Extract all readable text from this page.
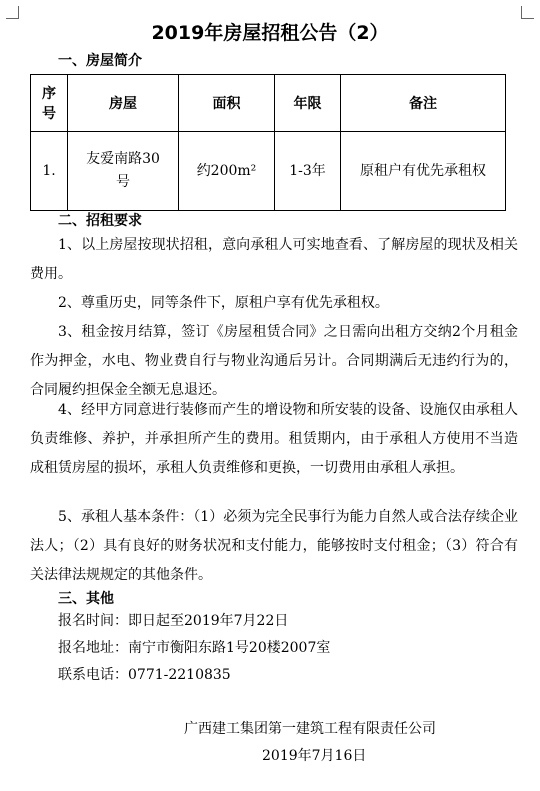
2019年房屋招租公告（2）
一、房屋简介
序号	房屋	面积	年限	备注
1.	友爱南路30号	约200m²	1-3年	原租户有优先承租权
二、招租要求

1、以上房屋按现状招租，意向承租人可实地查看、了解房屋的现状及相关费用。

2、尊重历史，同等条件下，原租户享有优先承租权。

3、租金按月结算，签订《房屋租赁合同》之日需向出租方交纳2个月租金作为押金，水电、物业费自行与物业沟通后另计。合同期满后无违约行为的，合同履约担保金全额无息退还。

4、经甲方同意进行装修而产生的增设物和所安装的设备、设施仅由承租人负责维修、养护，并承担所产生的费用。租赁期内，由于承租人方使用不当造成租赁房屋的损坏，承租人负责维修和更换，一切费用由承租人承担。

5、承租人基本条件：（1）必须为完全民事行为能力自然人或合法存续企业法人；（2）具有良好的财务状况和支付能力，能够按时支付租金；（3）符合有关法律法规规定的其他条件。

三、其他
报名时间：即日起至2019年7月22日
报名地址：南宁市衡阳东路1号20楼2007室
联系电话：0771-2210835
广西建工集团第一建筑工程有限责任公司
2019年7月16日
